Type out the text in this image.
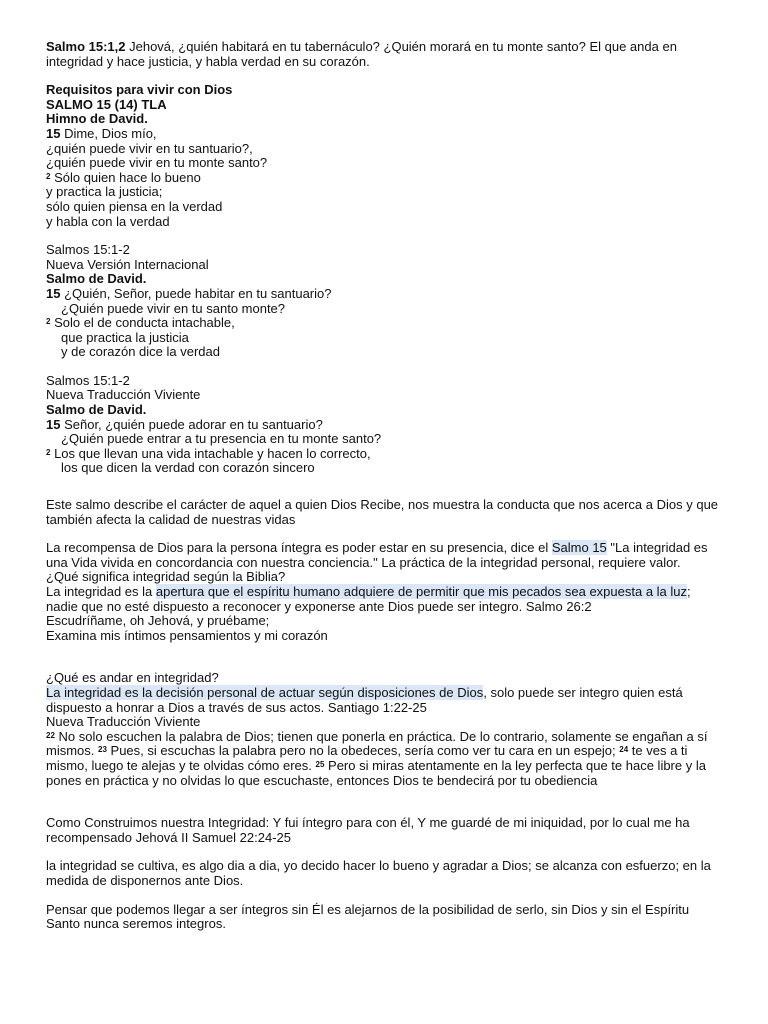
Salmo 15:1,2 Jehová, ¿quién habitará en tu tabernáculo? ¿Quién morará en tu monte santo? El que anda en integridad y hace justicia, y habla verdad en su corazón.
Requisitos para vivir con Dios
SALMO 15 (14) TLA
Himno de David.
15 Dime, Dios mío,
¿quién puede vivir en tu santuario?,
¿quién puede vivir en tu monte santo?
$^2$ Sólo quien hace lo bueno
y practica la justicia;
sólo quien piensa en la verdad
y habla con la verdad
Salmos 15:1-2
Nueva Versión Internacional
Salmo de David.
15 ¿Quién, Señor, puede habitar en tu santuario?
¿Quién puede vivir en tu santo monte?
$^2$ Solo el de conducta intachable,
que practica la justicia
y de corazón dice la verdad
Salmos 15:1-2
Nueva Traducción Viviente
Salmo de David.
15 Señor, ¿quién puede adorar en tu santuario?
¿Quién puede entrar a tu presencia en tu monte santo?
$^2$ Los que llevan una vida intachable y hacen lo correcto,
los que dicen la verdad con corazón sincero
Este salmo describe el carácter de aquel a quien Dios Recibe, nos muestra la conducta que nos acerca a Dios y que también afecta la calidad de nuestras vidas
La recompensa de Dios para la persona íntegra es poder estar en su presencia, dice el Salmo 15 "La integridad es una Vida vivida en concordancia con nuestra conciencia." La práctica de la integridad personal, requiere valor.
¿Qué significa integridad según la Biblia?
La integridad es la apertura que el espíritu humano adquiere de permitir que mis pecados sea expuesta a la luz; nadie que no esté dispuesto a reconocer y exponerse ante Dios puede ser integro. Salmo 26:2
Escudríñame, oh Jehová, y pruébame;
Examina mis íntimos pensamientos y mi corazón
¿Qué es andar en integridad?
La integridad es la decisión personal de actuar según disposiciones de Dios, solo puede ser integro quien está dispuesto a honrar a Dios a través de sus actos. Santiago 1:22-25
Nueva Traducción Viviente
$^{22}$ No solo escuchen la palabra de Dios; tienen que ponerla en práctica. De lo contrario, solamente se engañan a sí mismos. $^{23}$ Pues, si escuchas la palabra pero no la obedeces, sería como ver tu cara en un espejo; $^{24}$ te ves a ti mismo, luego te alejas y te olvidas cómo eres. $^{25}$ Pero si miras atentamente en la ley perfecta que te hace libre y la pones en práctica y no olvidas lo que escuchaste, entonces Dios te bendecirá por tu obediencia
Como Construimos nuestra Integridad: Y fui íntegro para con él, Y me guardé de mi iniquidad, por lo cual me ha recompensado Jehová II Samuel 22:24-25
la integridad se cultiva, es algo dia a dia, yo decido hacer lo bueno y agradar a Dios; se alcanza con esfuerzo; en la medida de disponernos ante Dios.
Pensar que podemos llegar a ser íntegros sin Él es alejarnos de la posibilidad de serlo, sin Dios y sin el Espíritu Santo nunca seremos integros.
